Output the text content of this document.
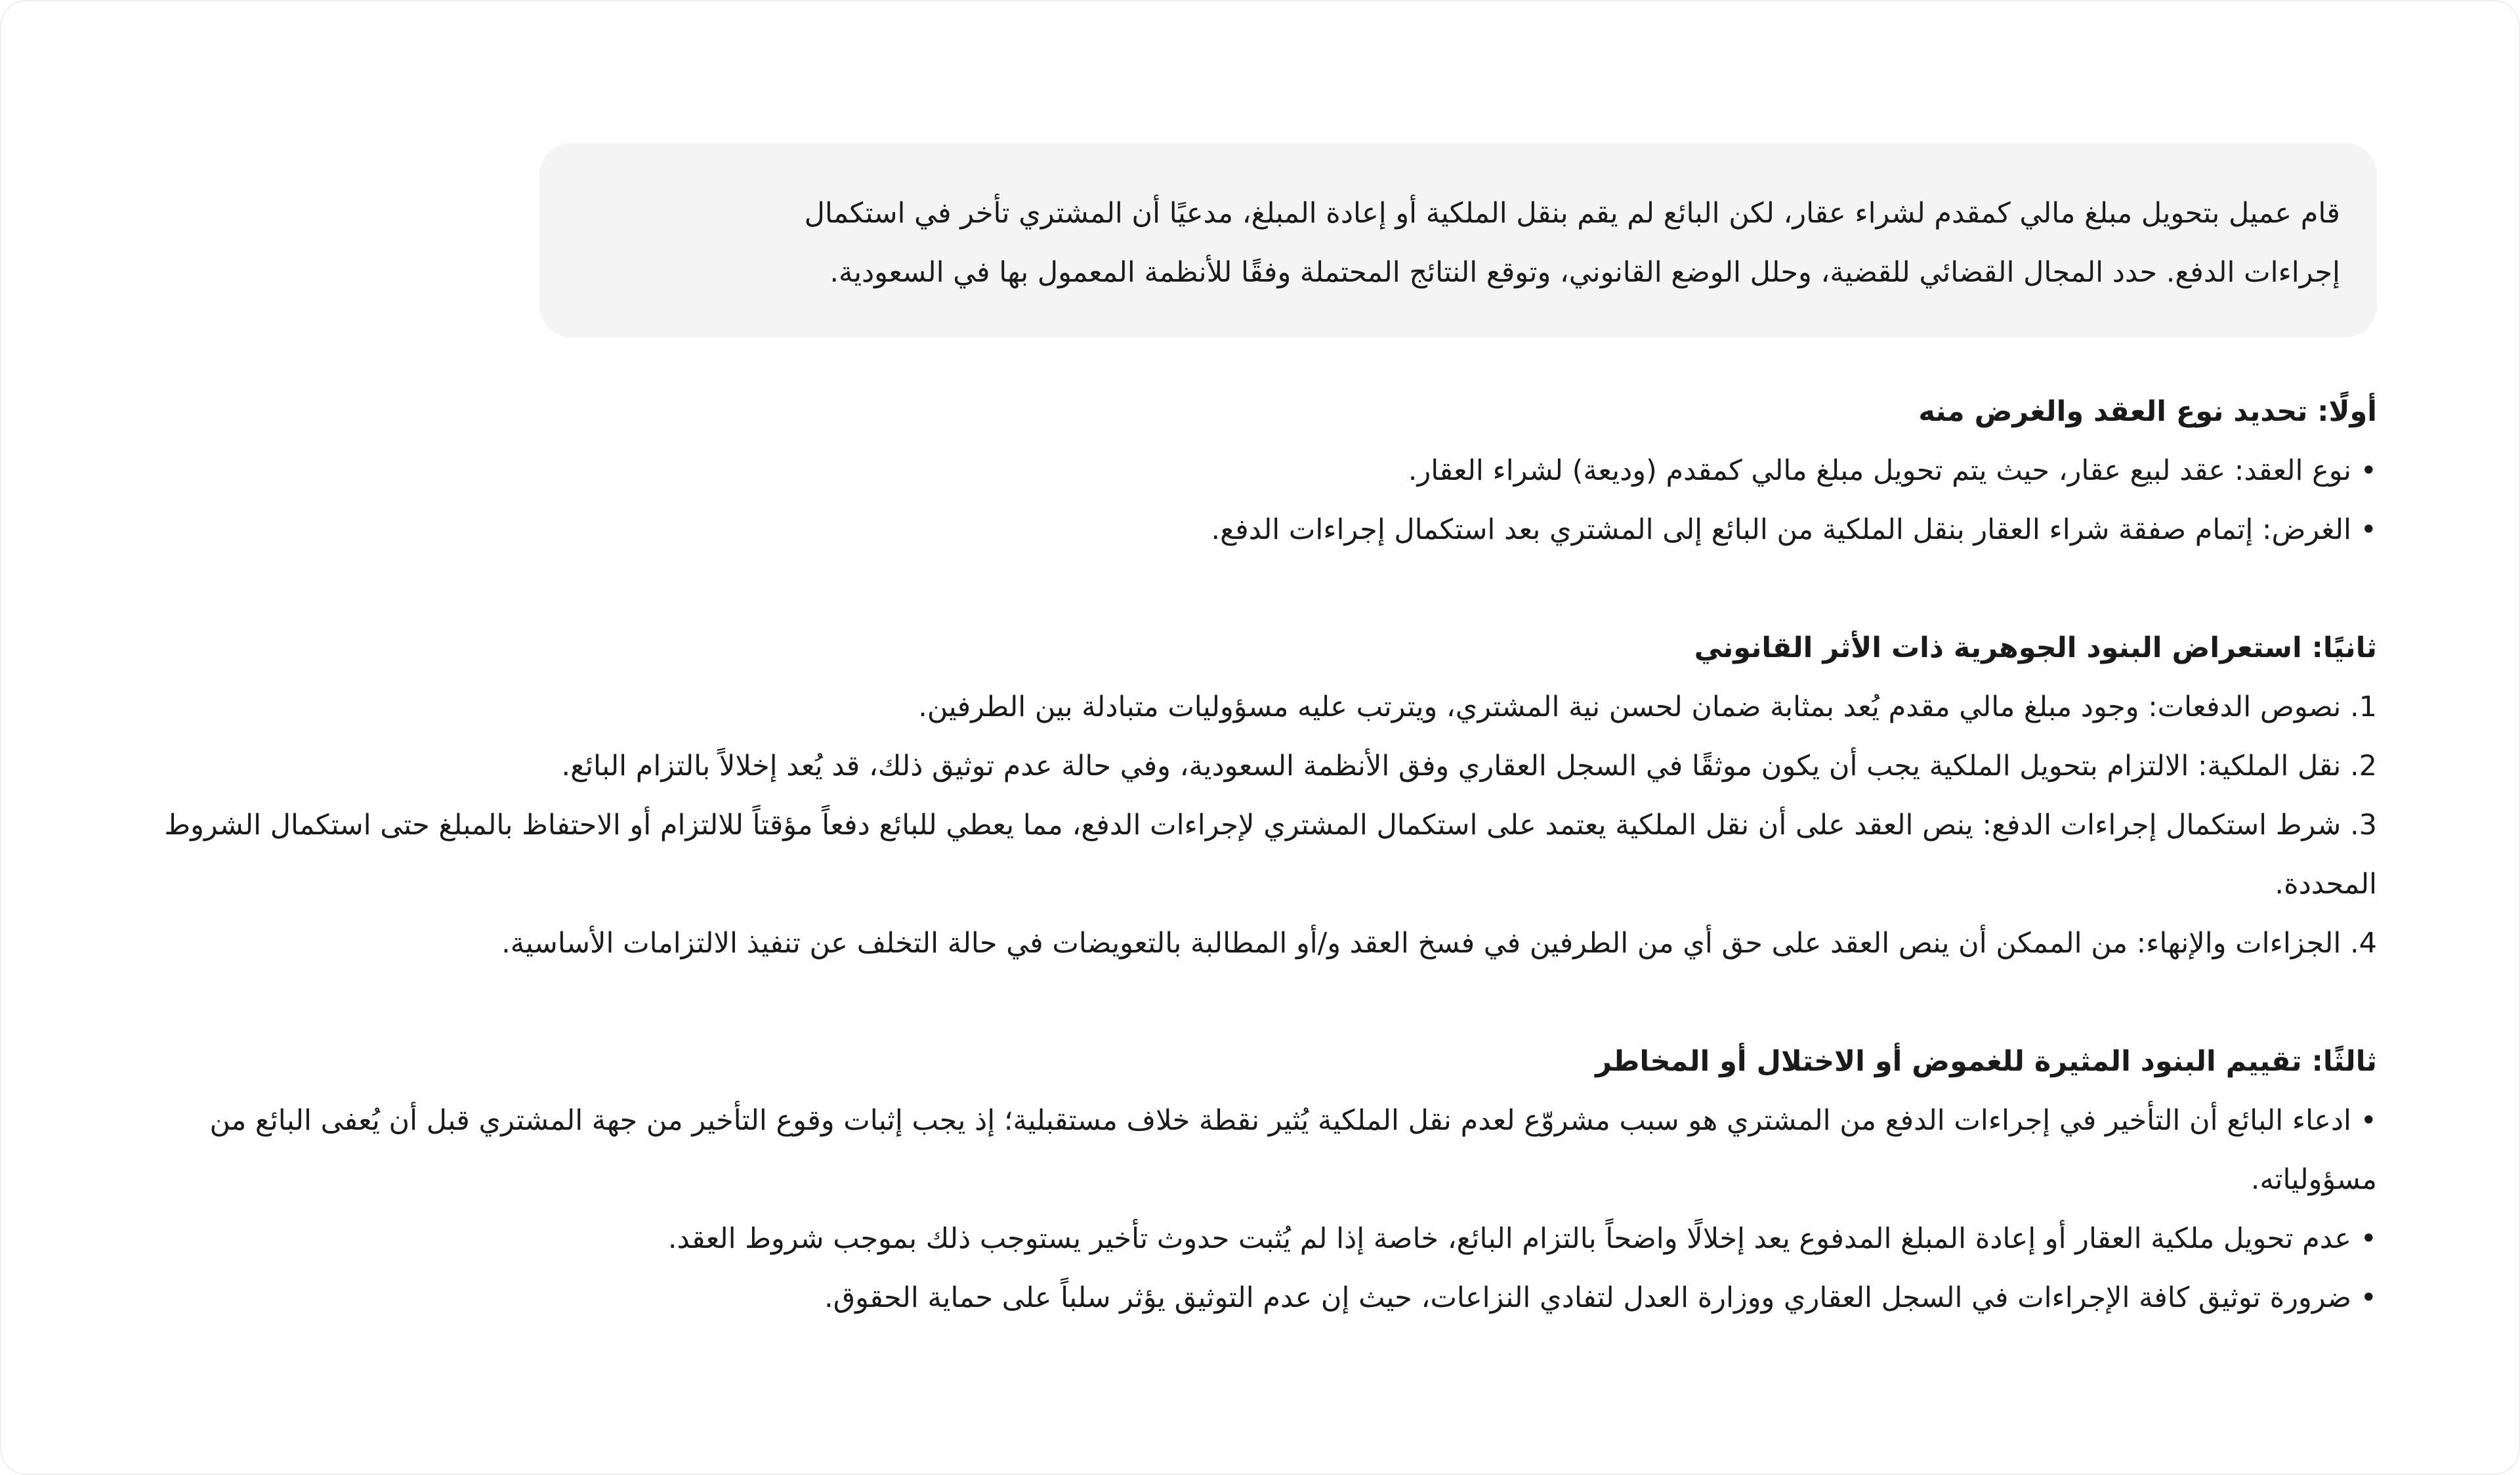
قام عميل بتحويل مبلغ مالي كمقدم لشراء عقار، لكن البائع لم يقم بنقل الملكية أو إعادة المبلغ، مدعيًا أن المشتري تأخر في استكمال

إجراءات الدفع. حدد المجال القضائي للقضية، وحلل الوضع القانوني، وتوقع النتائج المحتملة وفقًا للأنظمة المعمول بها في السعودية.

أولًا: تحديد نوع العقد والغرض منه

• نوع العقد: عقد لبيع عقار، حيث يتم تحويل مبلغ مالي كمقدم (وديعة) لشراء العقار.

• الغرض: إتمام صفقة شراء العقار بنقل الملكية من البائع إلى المشتري بعد استكمال إجراءات الدفع.

ثانيًا: استعراض البنود الجوهرية ذات الأثر القانوني

1. نصوص الدفعات: وجود مبلغ مالي مقدم يُعد بمثابة ضمان لحسن نية المشتري، ويترتب عليه مسؤوليات متبادلة بين الطرفين.

2. نقل الملكية: الالتزام بتحويل الملكية يجب أن يكون موثقًا في السجل العقاري وفق الأنظمة السعودية، وفي حالة عدم توثيق ذلك، قد يُعد إخلالاً بالتزام البائع.

3. شرط استكمال إجراءات الدفع: ينص العقد على أن نقل الملكية يعتمد على استكمال المشتري لإجراءات الدفع، مما يعطي للبائع دفعاً مؤقتاً للالتزام أو الاحتفاظ بالمبلغ حتى استكمال الشروط المحددة.

4. الجزاءات والإنهاء: من الممكن أن ينص العقد على حق أي من الطرفين في فسخ العقد و/أو المطالبة بالتعويضات في حالة التخلف عن تنفيذ الالتزامات الأساسية.

ثالثًا: تقييم البنود المثيرة للغموض أو الاختلال أو المخاطر

• ادعاء البائع أن التأخير في إجراءات الدفع من المشتري هو سبب مشروّع لعدم نقل الملكية يُثير نقطة خلاف مستقبلية؛ إذ يجب إثبات وقوع التأخير من جهة المشتري قبل أن يُعفى البائع من مسؤولياته.

• عدم تحويل ملكية العقار أو إعادة المبلغ المدفوع يعد إخلالًا واضحاً بالتزام البائع، خاصة إذا لم يُثبت حدوث تأخير يستوجب ذلك بموجب شروط العقد.

• ضرورة توثيق كافة الإجراءات في السجل العقاري ووزارة العدل لتفادي النزاعات، حيث إن عدم التوثيق يؤثر سلباً على حماية الحقوق.
